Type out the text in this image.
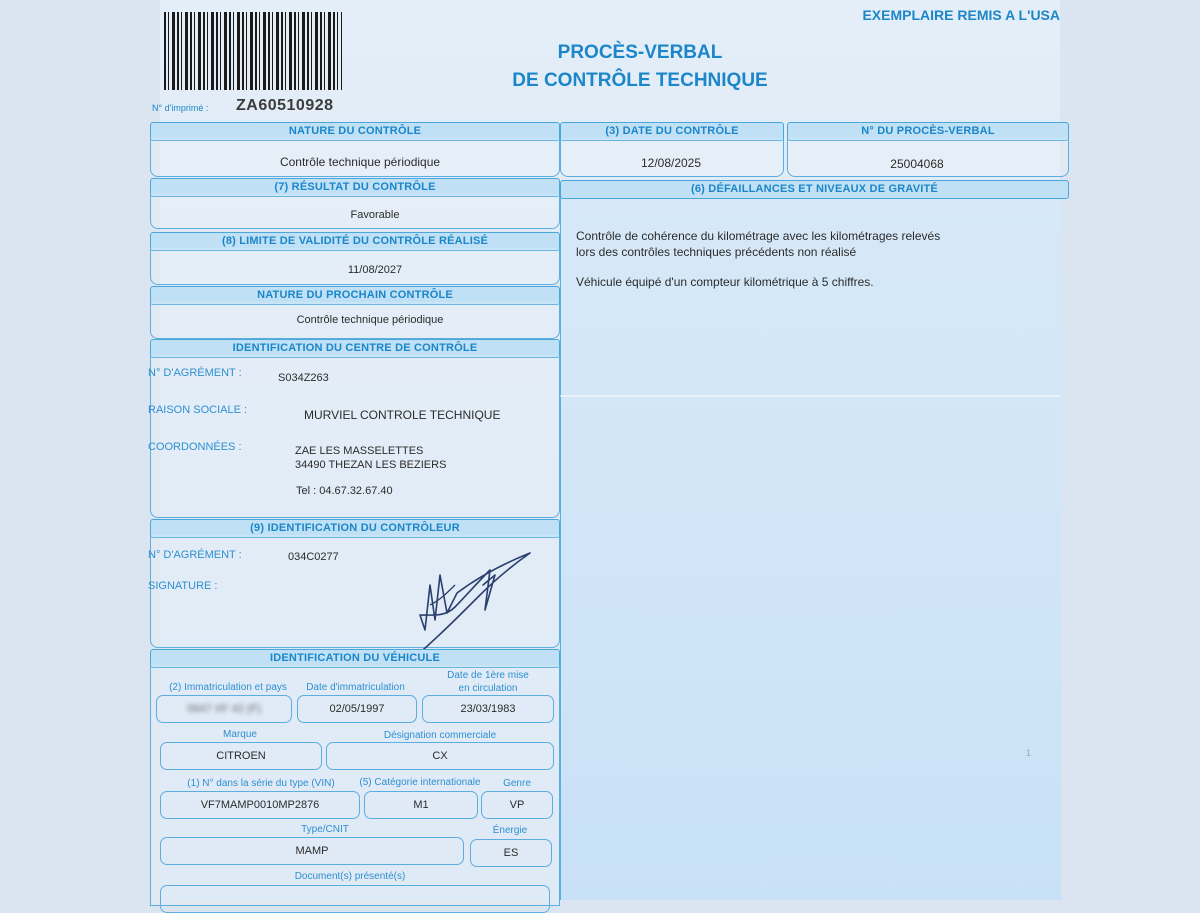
EXEMPLAIRE REMIS A L'USA
PROCÈS-VERBAL
DE CONTRÔLE TECHNIQUE
N° d'imprimé : ZA60510928
NATURE DU CONTRÔLE
Contrôle technique périodique
(3) DATE DU CONTRÔLE
12/08/2025
N° DU PROCÈS-VERBAL
25004068
(7) RÉSULTAT DU CONTRÔLE
Favorable
(8) LIMITE DE VALIDITÉ DU CONTRÔLE RÉALISÉ
11/08/2027
NATURE DU PROCHAIN CONTRÔLE
Contrôle technique périodique
(6) DÉFAILLANCES ET NIVEAUX DE GRAVITÉ
Contrôle de cohérence du kilométrage avec les kilométrages relevés
lors des contrôles techniques précédents non réalisé
Véhicule équipé d'un compteur kilométrique à 5 chiffres.
1
IDENTIFICATION DU CENTRE DE CONTRÔLE
N° D'AGRÉMENT :	S034Z263
RAISON SOCIALE :	MURVIEL CONTROLE TECHNIQUE
COORDONNÉES :	ZAE LES MASSELETTES
34490 THEZAN LES BEZIERS
Tel : 04.67.32.67.40
(9) IDENTIFICATION DU CONTRÔLEUR
N° D'AGRÉMENT :	034C0277
SIGNATURE :
IDENTIFICATION DU VÉHICULE
(2) Immatriculation et pays	Date d'immatriculation
Date de 1ère mise
en circulation
5647 XF 42 (F)	02/05/1997	23/03/1983
Marque	Désignation commerciale
CITROEN	CX
(1) N° dans la série du type (VIN)	(5) Catégorie internationale	Genre
VF7MAMP0010MP2876	M1	VP
Type/CNIT	Énergie
MAMP	ES
Document(s) présenté(s)
